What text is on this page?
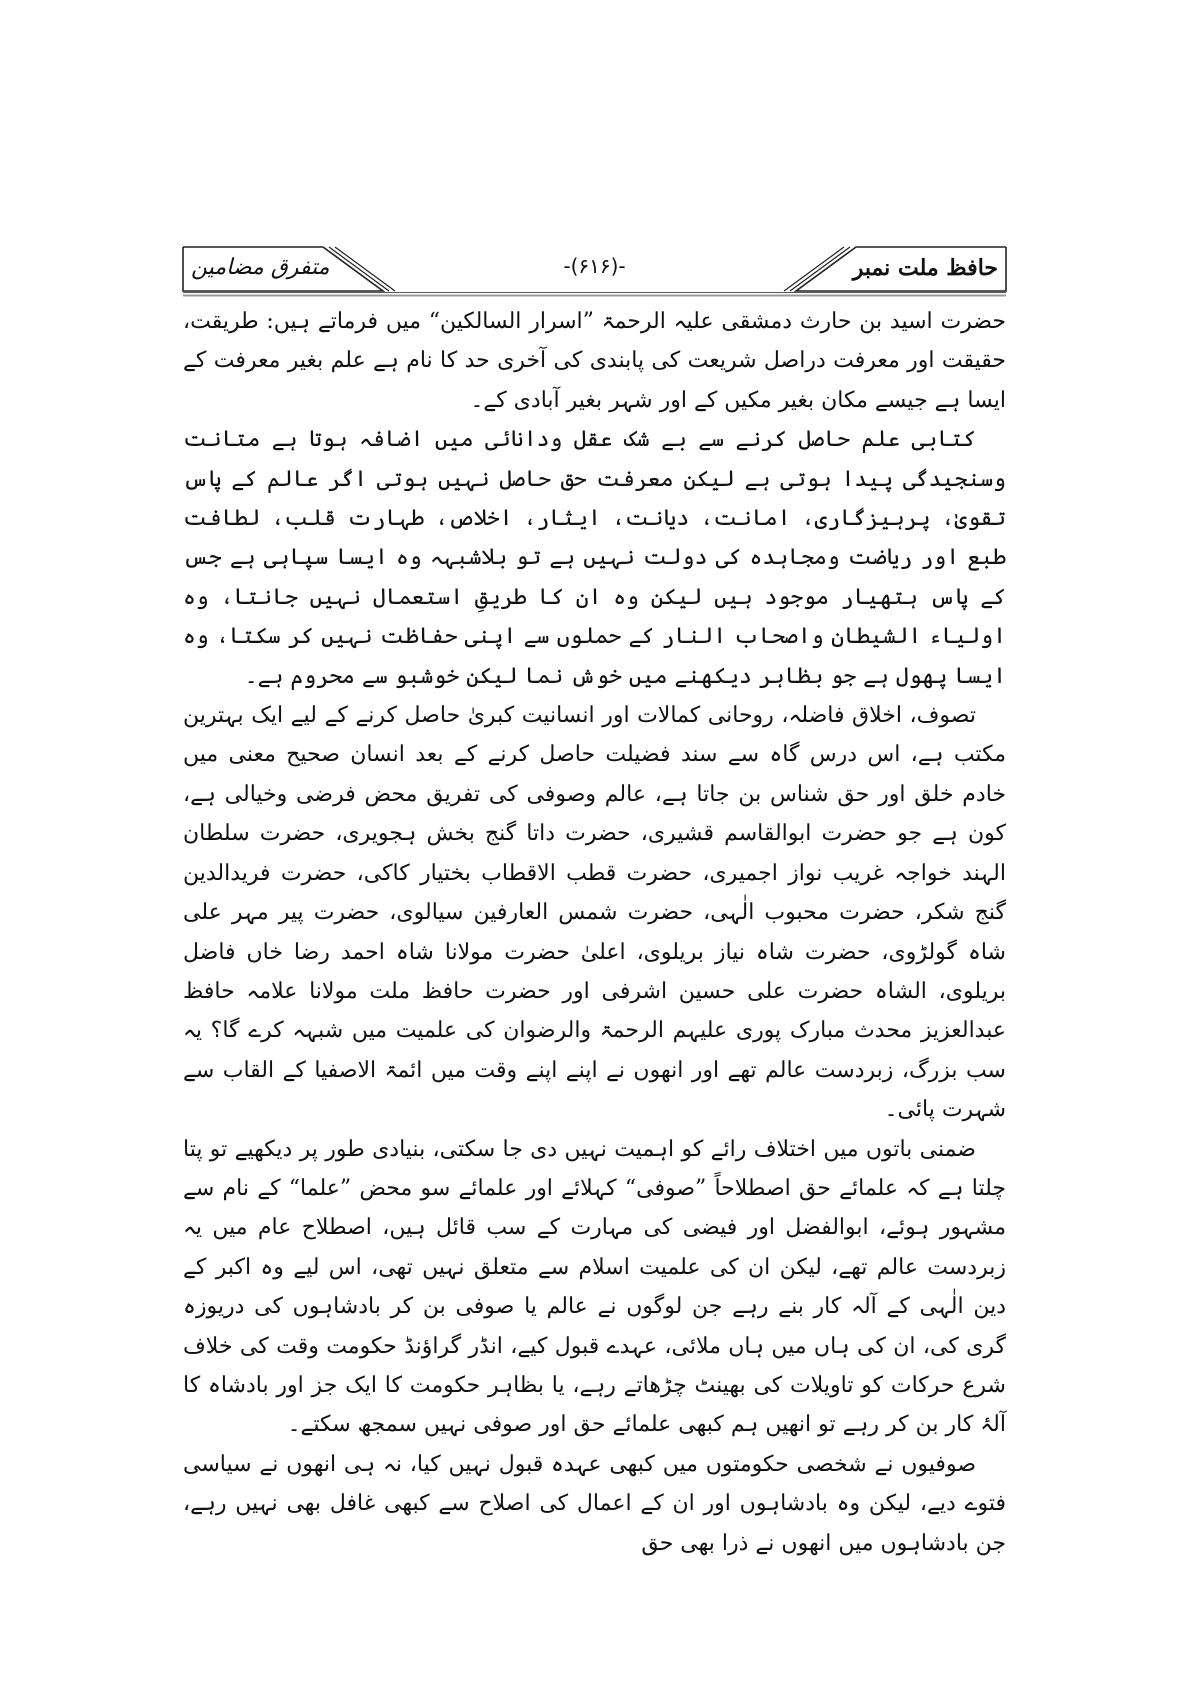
متفرق مضامین	-(۶۱۶)-	حافظ ملت نمبر

حضرت اسید بن حارث دمشقی علیہ الرحمۃ ”اسرار السالکین“ میں فرماتے ہیں: طریقت، حقیقت اور معرفت دراصل شریعت کی پابندی کی آخری حد کا نام ہے علم بغیر معرفت کے ایسا ہے جیسے مکان بغیر مکیں کے اور شہر بغیر آبادی کے۔

کتابی علم حاصل کرنے سے بے شک عقل ودانائی میں اضافہ ہوتا ہے متانت وسنجیدگی پیدا ہوتی ہے لیکن معرفت حق حاصل نہیں ہوتی اگر عالم کے پاس تقویٰ، پرہیزگاری، امانت، دیانت، ایثار، اخلاص، طہارت قلب، لطافت طبع اور ریاضت ومجاہدہ کی دولت نہیں ہے تو بلاشبہہ وہ ایسا سپاہی ہے جس کے پاس ہتھیار موجود ہیں لیکن وہ ان کا طریقِ استعمال نہیں جانتا، وہ اولیاء الشیطان واصحاب النار کے حملوں سے اپنی حفاظت نہیں کر سکتا، وہ ایسا پھول ہے جو بظاہر دیکھنے میں خوش نما لیکن خوشبو سے محروم ہے۔

تصوف، اخلاق فاضلہ، روحانی کمالات اور انسانیت کبریٰ حاصل کرنے کے لیے ایک بہترین مکتب ہے، اس درس گاہ سے سند فضیلت حاصل کرنے کے بعد انسان صحیح معنی میں خادم خلق اور حق شناس بن جاتا ہے، عالم وصوفی کی تفریق محض فرضی وخیالی ہے، کون ہے جو حضرت ابوالقاسم قشیری، حضرت داتا گنج بخش ہجویری، حضرت سلطان الہند خواجہ غریب نواز اجمیری، حضرت قطب الاقطاب بختیار کاکی، حضرت فریدالدین گنج شکر، حضرت محبوب الٰہی، حضرت شمس العارفین سیالوی، حضرت پیر مہر علی شاہ گولڑوی، حضرت شاہ نیاز بریلوی، اعلیٰ حضرت مولانا شاہ احمد رضا خاں فاضل بریلوی، الشاہ حضرت علی حسین اشرفی اور حضرت حافظ ملت مولانا علامہ حافظ عبدالعزیز محدث مبارک پوری علیہم الرحمۃ والرضوان کی علمیت میں شبہہ کرے گا؟ یہ سب بزرگ، زبردست عالم تھے اور انھوں نے اپنے اپنے وقت میں ائمۃ الاصفیا کے القاب سے شہرت پائی۔

ضمنی باتوں میں اختلاف رائے کو اہمیت نہیں دی جا سکتی، بنیادی طور پر دیکھیے تو پتا چلتا ہے کہ علمائے حق اصطلاحاً ”صوفی“ کہلائے اور علمائے سو محض ”علما“ کے نام سے مشہور ہوئے، ابوالفضل اور فیضی کی مہارت کے سب قائل ہیں، اصطلاح عام میں یہ زبردست عالم تھے، لیکن ان کی علمیت اسلام سے متعلق نہیں تھی، اس لیے وہ اکبر کے دین الٰہی کے آلہ کار بنے رہے جن لوگوں نے عالم یا صوفی بن کر بادشاہوں کی دریوزہ گری کی، ان کی ہاں میں ہاں ملائی، عہدے قبول کیے، انڈر گراؤنڈ حکومت وقت کی خلاف شرع حرکات کو تاویلات کی بھینٹ چڑھاتے رہے، یا بظاہر حکومت کا ایک جز اور بادشاہ کا آلۂ کار بن کر رہے تو انھیں ہم کبھی علمائے حق اور صوفی نہیں سمجھ سکتے۔

صوفیوں نے شخصی حکومتوں میں کبھی عہدہ قبول نہیں کیا، نہ ہی انھوں نے سیاسی فتوے دیے، لیکن وہ بادشاہوں اور ان کے اعمال کی اصلاح سے کبھی غافل بھی نہیں رہے، جن بادشاہوں میں انھوں نے ذرا بھی حق
